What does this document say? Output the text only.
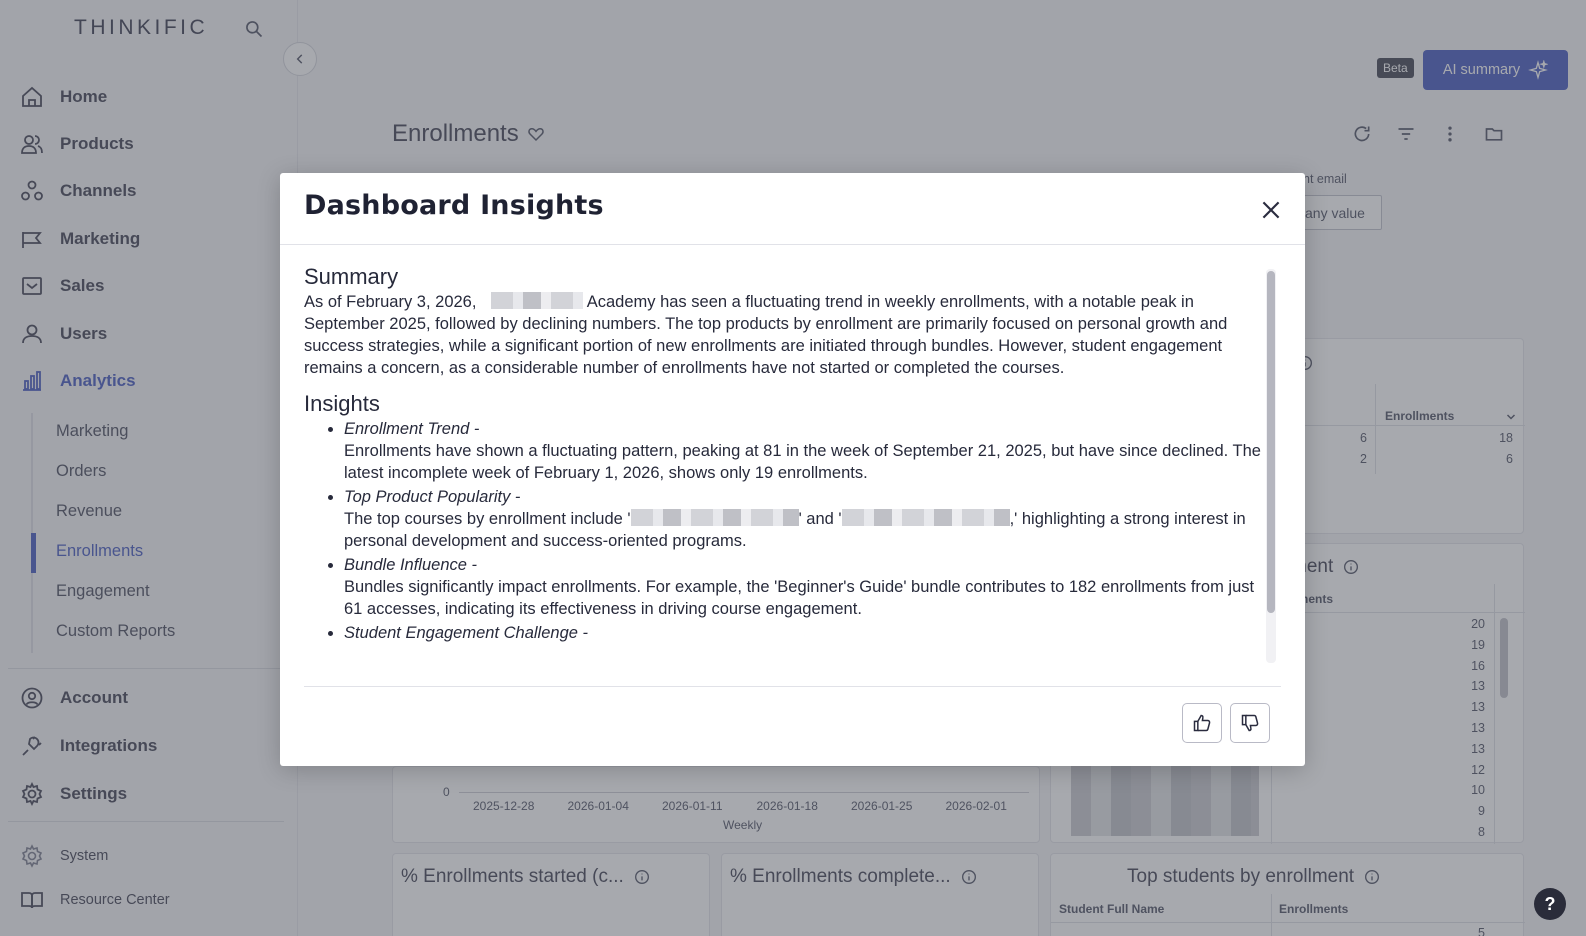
Dashboard Insights
Summary

As of February 3, 2026,	Academy has seen a fluctuating trend in weekly enrollments, with a notable peak in September 2025, followed by declining numbers. The top products by enrollment are primarily focused on personal growth and success strategies, while a significant portion of new enrollments are initiated through bundles. However, student engagement remains a concern, as a considerable number of enrollments have not started or completed the courses.

Insights
• Enrollment Trend -
Enrollments have shown a fluctuating pattern, peaking at 81 in the week of September 21, 2025, but have since declined. The latest incomplete week of February 1, 2026, shows only 19 enrollments.
• Top Product Popularity -
The top courses by enrollment include '	' and '	,' highlighting a strong interest in personal development and success-oriented programs.
• Bundle Influence -
Bundles significantly impact enrollments. For example, the 'Beginner's Guide' bundle contributes to 182 enrollments from just 61 accesses, indicating its effectiveness in driving course engagement.
• Student Engagement Challenge -
?
